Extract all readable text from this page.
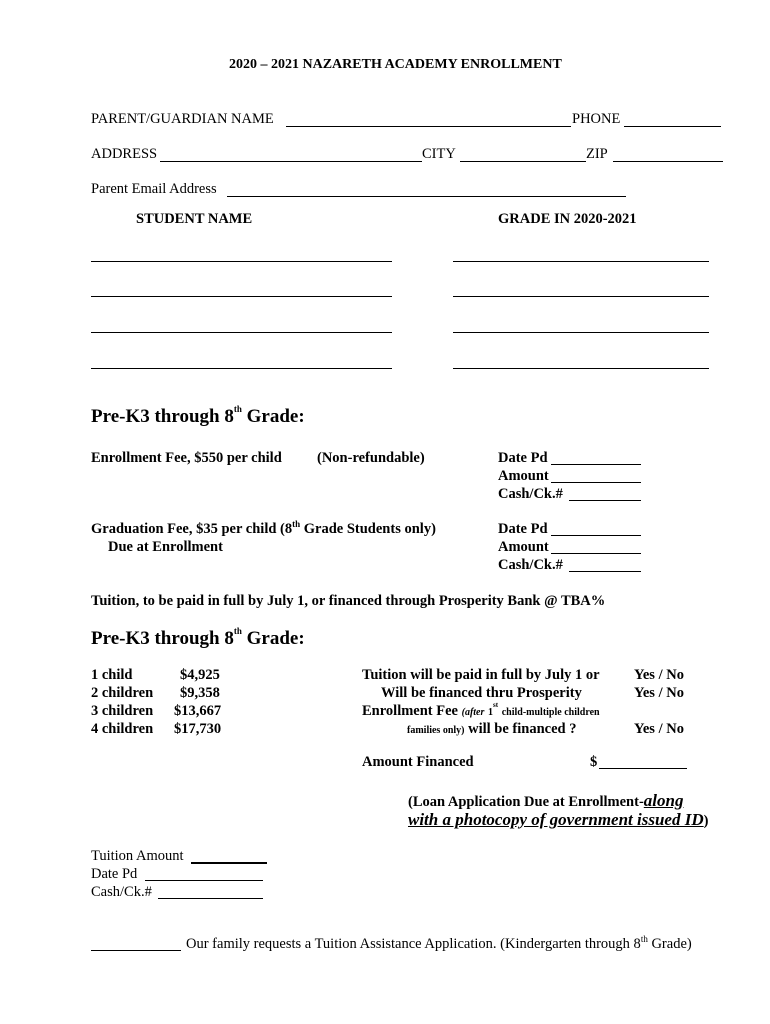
2020 – 2021 NAZARETH ACADEMY ENROLLMENT
PARENT/GUARDIAN NAME	PHONE
ADDRESS	CITY	ZIP
Parent Email Address
STUDENT NAME	GRADE IN 2020-2021
Pre-K3 through 8th Grade:
Enrollment Fee, $550 per child (Non-refundable)	Date Pd
Amount
Cash/Ck.#
Graduation Fee, $35 per child (8th Grade Students only)
Due at Enrollment
Date Pd
Amount
Cash/Ck.#
Tuition, to be paid in full by July 1, or financed through Prosperity Bank @ TBA%
Pre-K3 through 8th Grade:
1 child	$4,925
2 children $9,358
3 children $13,667
4 children $17,730
Tuition will be paid in full by July 1 or Yes / No
Will be financed thru Prosperity	Yes / No
Enrollment Fee (after 1st child-multiple children
families only) will be financed ?	Yes / No
Amount Financed	$
(Loan Application Due at Enrollment-along
with a photocopy of government issued ID)
Tuition Amount
Date Pd
Cash/Ck.#
Our family requests a Tuition Assistance Application. (Kindergarten through 8th Grade)
